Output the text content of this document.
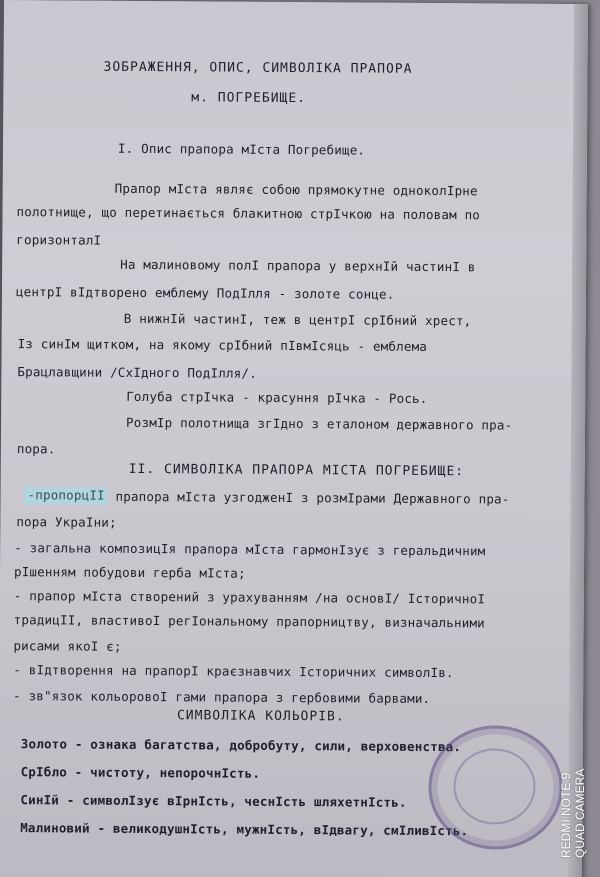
ЗОБРАЖЕННЯ, ОПИС, СИМВОЛІКА ПРАПОРА
м. ПОГРЕБИЩЕ.
I. Опис прапора мIста Погребище.
Прапор мIста являє собою прямокутне одноколIрне
полотнище, що перетинається блакитною стрIчкою на половам по
горизонталI
На малиновому полI прапора у верхнIй частинI в
центрI вIдтворено емблему ПодIлля - золоте сонце.
В нижнIй частинI, теж в центрI срIбний хрест,
Із синIм щитком, на якому срIбний пIвмIсяць - емблема
Брацлавщини /СхIдного ПодIлля/.
Голуба стрIчка - красуння рIчка - Рось.
РозмIр полотнища згIдно з еталоном державного пра-
пора.
II. СИМВОЛІКА ПРАПОРА МІСТА ПОГРЕБИЩЕ:
-пропорцII прапора мIста узгодженI з розмIрами Державного пра-
пора УкраIни;
- загальна композицIя прапора мIста гармонIзує з геральдичним
рIшенням побудови герба мIста;
- прапор мIста створений з урахуванням /на основI/ IсторичноI
традицII, властивоI регIональному прапорництву, визначальними
рисами якоI є;
- вIдтворення на прапорI краєзнавчих Iсторичних символIв.
- зв"язок кольоровоI гами прапора з гербовими барвами.
СИМВОЛІКА КОЛЬОРІВ.
Золото - ознака багатства, добробуту, сили, верховенства.
СрIбло - чистоту, непорочнIсть.
СинIй - символIзує вIрнIсть, чеснIсть шляхетнIсть.
Малиновий - великодушнIсть, мужнIсть, вIдвагу, смIливIсть.	REDMI NOTE 9 QUAD CAMERA
